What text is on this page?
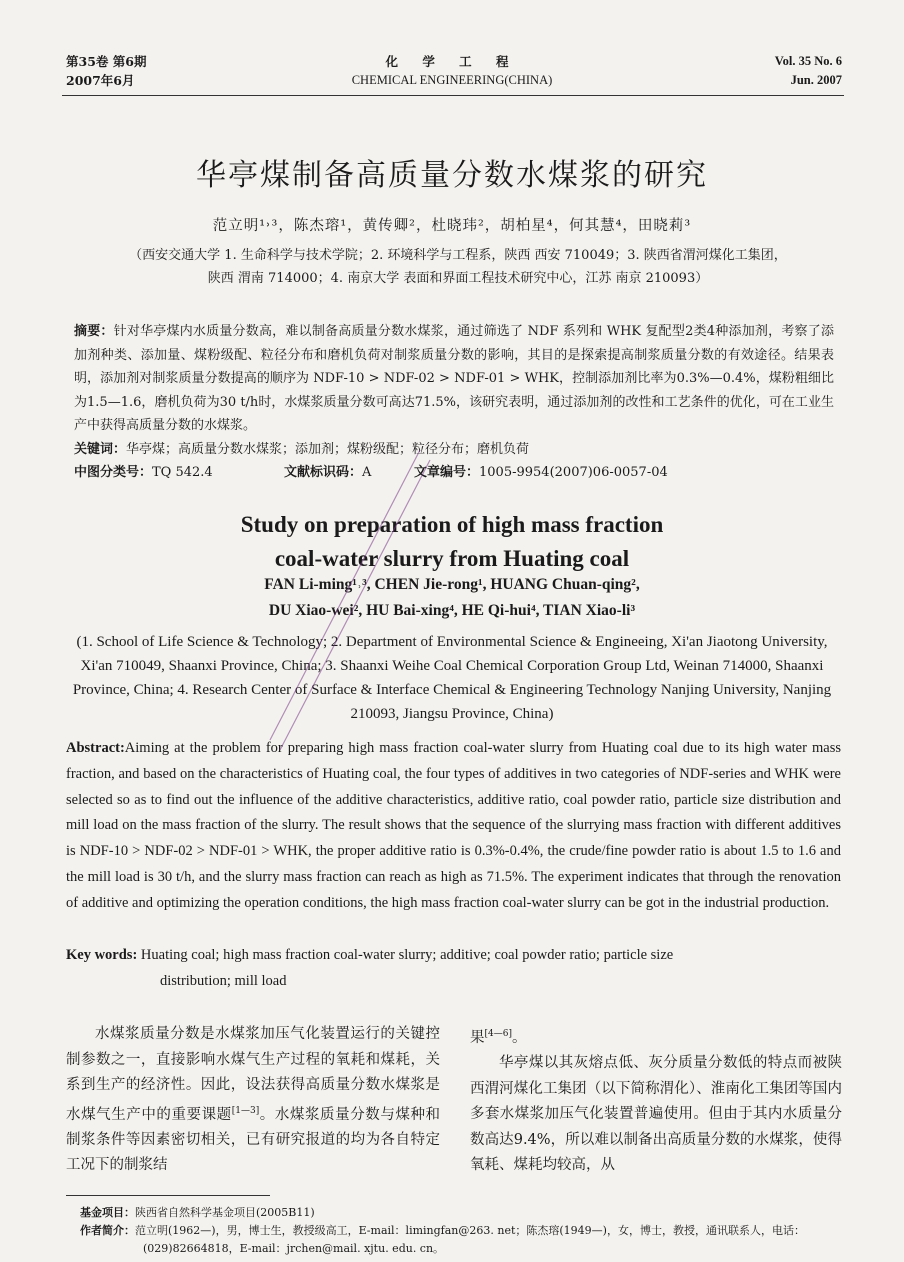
第35卷 第6期
2007年6月
化 学 工 程
CHEMICAL ENGINEERING(CHINA)
Vol. 35 No. 6
Jun. 2007
华亭煤制备高质量分数水煤浆的研究
范立明¹˒³，陈杰瑢¹，黄传卿²，杜晓玮²，胡柏星⁴，何其慧⁴，田晓莉³
（西安交通大学 1. 生命科学与技术学院；2. 环境科学与工程系，陕西 西安 710049；3. 陕西省渭河煤化工集团，
陕西 渭南 714000；4. 南京大学 表面和界面工程技术研究中心，江苏 南京 210093）
摘要：针对华亭煤内水质量分数高，难以制备高质量分数水煤浆，通过筛选了 NDF 系列和 WHK 复配型2类4种添加剂，考察了添加剂种类、添加量、煤粉级配、粒径分布和磨机负荷对制浆质量分数的影响，其目的是探索提高制浆质量分数的有效途径。结果表明，添加剂对制浆质量分数提高的顺序为 NDF-10 > NDF-02 > NDF-01 > WHK，控制添加剂比率为0.3%—0.4%，煤粉粗细比为1.5—1.6，磨机负荷为30 t/h时，水煤浆质量分数可高达71.5%，该研究表明，通过添加剂的改性和工艺条件的优化，可在工业生产中获得高质量分数的水煤浆。
关键词：华亭煤；高质量分数水煤浆；添加剂；煤粉级配；粒径分布；磨机负荷
中图分类号：TQ 542.4	文献标识码：A	文章编号：1005-9954(2007)06-0057-04
Study on preparation of high mass fraction
coal-water slurry from Huating coal
FAN Li-ming¹˒³, CHEN Jie-rong¹, HUANG Chuan-qing²,
DU Xiao-wei², HU Bai-xing⁴, HE Qi-hui⁴, TIAN Xiao-li³
(1. School of Life Science & Technology; 2. Department of Environmental Science & Engineeing, Xi'an Jiaotong University, Xi'an 710049, Shaanxi Province, China; 3. Shaanxi Weihe Coal Chemical Corporation Group Ltd, Weinan 714000, Shaanxi Province, China; 4. Research Center of Surface & Interface Chemical & Engineering Technology Nanjing University, Nanjing 210093, Jiangsu Province, China)
Abstract:Aiming at the problem for preparing high mass fraction coal-water slurry from Huating coal due to its high water mass fraction, and based on the characteristics of Huating coal, the four types of additives in two categories of NDF-series and WHK were selected so as to find out the influence of the additive characteristics, additive ratio, coal powder ratio, particle size distribution and mill load on the mass fraction of the slurry. The result shows that the sequence of the slurrying mass fraction with different additives is NDF-10 > NDF-02 > NDF-01 > WHK, the proper additive ratio is 0.3%-0.4%, the crude/fine powder ratio is about 1.5 to 1.6 and the mill load is 30 t/h, and the slurry mass fraction can reach as high as 71.5%. The experiment indicates that through the renovation of additive and optimizing the operation conditions, the high mass fraction coal-water slurry can be got in the industrial production.
Key words: Huating coal; high mass fraction coal-water slurry; additive; coal powder ratio; particle size
distribution; mill load
水煤浆质量分数是水煤浆加压气化装置运行的关键控制参数之一，直接影响水煤气生产过程的氧耗和煤耗，关系到生产的经济性。因此，设法获得高质量分数水煤浆是水煤气生产中的重要课题[1—3]。水煤浆质量分数与煤种和制浆条件等因素密切相关，已有研究报道的均为各自特定工况下的制浆结
果[4—6]。
华亭煤以其灰熔点低、灰分质量分数低的特点而被陕西渭河煤化工集团（以下简称渭化）、淮南化工集团等国内多套水煤浆加压气化装置普遍使用。但由于其内水质量分数高达9.4%，所以难以制备出高质量分数的水煤浆，使得氧耗、煤耗均较高，从
基金项目：陕西省自然科学基金项目(2005B11)
作者简介：范立明(1962—)，男，博士生，教授级高工，E-mail：limingfan@263. net；陈杰瑢(1949—)，女，博士，教授，通讯联系人，电话：
(029)82664818，E-mail：jrchen@mail. xjtu. edu. cn。
